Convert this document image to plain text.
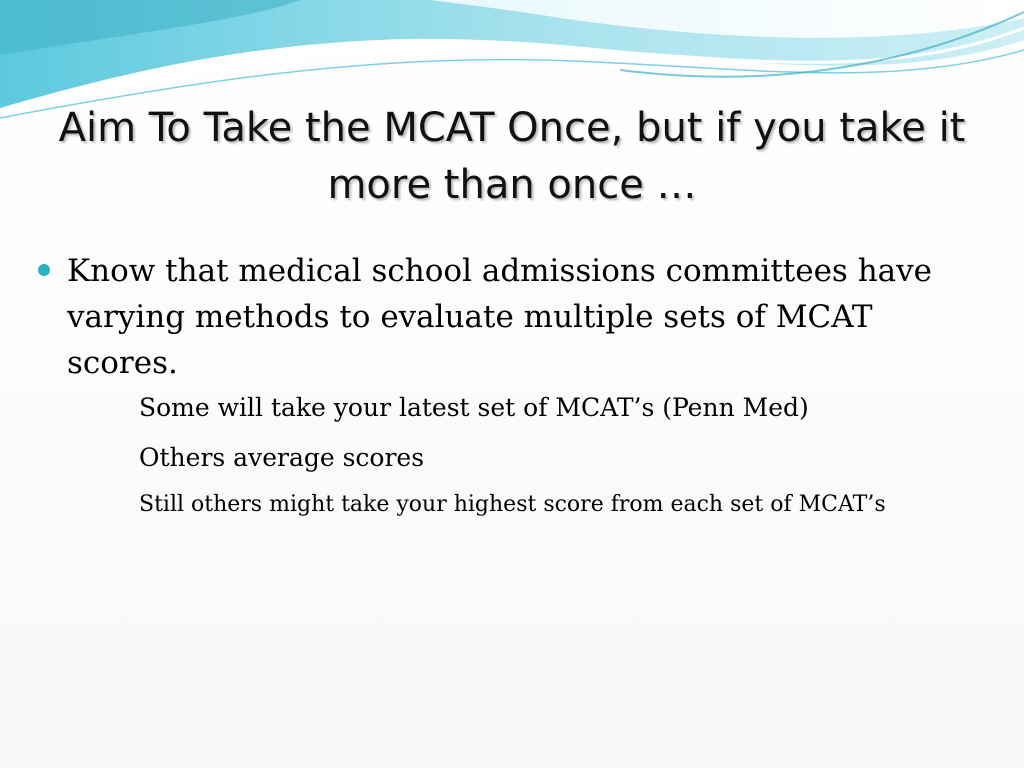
Aim To Take the MCAT Once, but if you take it more than once …
Know that medical school admissions committees have varying methods to evaluate multiple sets of MCAT scores.
Some will take your latest set of MCAT’s (Penn Med)
Others average scores
Still others might take your highest score from each set of MCAT’s
